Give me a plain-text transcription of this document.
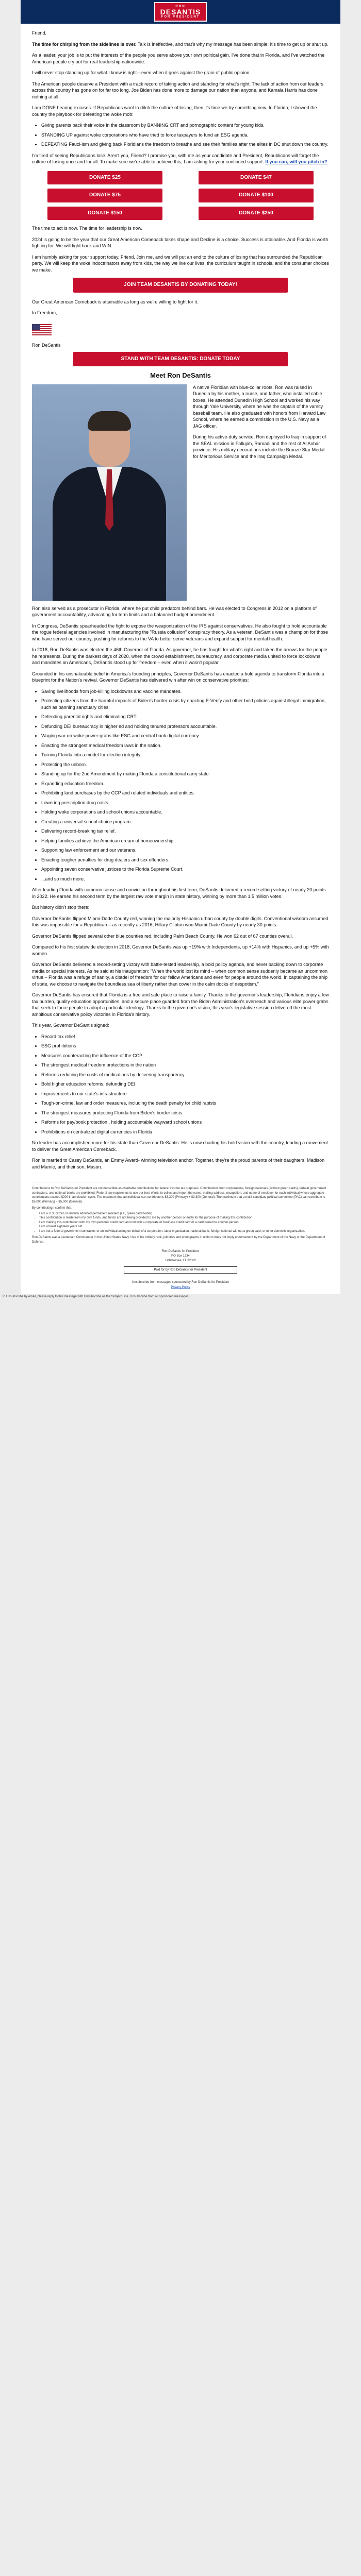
RON
DESANTIS
FOR PRESIDENT

Friend,

The time for chirping from the sidelines is over. Talk is ineffective, and that's why my message has been simple: It's time to get up or shut up.

As a leader, your job is to put the interests of the people you serve above your own political gain. I've done that in Florida, and I've watched the American people cry out for real leadership nationwide.

I will never stop standing up for what I know is right—even when it goes against the grain of public opinion.

The American people deserve a President with a track record of taking action and standing for what's right. The lack of action from our leaders across this country has gone on for far too long. Joe Biden has done more to damage our nation than anyone, and Kamala Harris has done nothing at all.

I am DONE hearing excuses. If Republicans want to ditch the culture of losing, then it's time we try something new. In Florida, I showed the country the playbook for defeating the woke mob:

• Giving parents back their voice in the classroom by BANNING CRT and pornographic content for young kids.
• STANDING UP against woke corporations who have tried to force taxpayers to fund an ESG agenda.
• DEFEATING Fauci-ism and giving back Floridians the freedom to breathe and see their families after the elites in DC shut down the country.

I'm tired of seeing Republicans lose. Aren't you, Friend? I promise you, with me as your candidate and President, Republicans will forget the culture of losing once and for all. To make sure we're able to achieve this, I am asking for your continued support. If you can, will you pitch in?

DONATE $25	DONATE $47
DONATE $75	DONATE $100
DONATE $150	DONATE $250

The time to act is now. The time for leadership is now.

2024 is going to be the year that our Great American Comeback takes shape and Decline is a choice. Success is attainable. And Florida is worth fighting for. We will fight back and WIN.

I am humbly asking for your support today. Friend, Join me, and we will put an end to the culture of losing that has surrounded the Republican party. We will keep the woke indoctrinators away from kids, the way we live our lives, the curriculum taught in schools, and the consumer choices we make.

JOIN TEAM DESANTIS BY DONATING TODAY!

Our Great American Comeback is attainable as long as we're willing to fight for it.

In Freedom,

Ron DeSantis
STAND WITH TEAM DESANTIS: DONATE TODAY
Meet Ron DeSantis

A native Floridian with blue-collar roots, Ron was raised in Dunedin by his mother, a nurse, and father, who installed cable boxes. He attended Dunedin High School and worked his way through Yale University, where he was the captain of the varsity baseball team. He also graduated with honors from Harvard Law School, where he earned a commission in the U.S. Navy as a JAG officer.

During his active-duty service, Ron deployed to Iraq in support of the SEAL mission in Fallujah, Ramadi and the rest of Al Anbar province. His military decorations include the Bronze Star Medal for Meritorious Service and the Iraq Campaign Medal.

Ron also served as a prosecutor in Florida, where he put child predators behind bars. He was elected to Congress in 2012 on a platform of government accountability, advocating for term limits and a balanced budget amendment.

In Congress, DeSantis spearheaded the fight to expose the weaponization of the IRS against conservatives. He also fought to hold accountable the rogue federal agencies involved in manufacturing the "Russia collusion" conspiracy theory. As a veteran, DeSantis was a champion for those who have served our country, pushing for reforms to the VA to better serve veterans and expand support for mental health.

In 2018, Ron DeSantis was elected the 46th Governor of Florida. As governor, he has fought for what's right and taken the arrows for the people he represents. During the darkest days of 2020, when the crowd establishment, bureaucracy, and corporate media united to force lockdowns and mandates on Americans, DeSantis stood up for freedom – even when it wasn't popular.

Grounded in his unshakeable belief in America's founding principles, Governor DeSantis has enacted a bold agenda to transform Florida into a blueprint for the Nation's revival. Governor DeSantis has delivered win after win on conservative priorities:

• Saving livelihoods from job-killing lockdowns and vaccine mandates.
• Protecting citizens from the harmful impacts of Biden's border crisis by enacting E-Verify and other bold policies against illegal immigration, such as banning sanctuary cities.
• Defending parental rights and eliminating CRT.
• Defunding DEI bureaucracy in higher ed and holding tenured professors accountable.
• Waging war on woke power-grabs like ESG and central bank digital currency.
• Enacting the strongest medical freedom laws in the nation.
• Turning Florida into a model for election integrity.
• Protecting the unborn.
• Standing up for the 2nd Amendment by making Florida a constitutional carry state.
• Expanding education freedom.
• Prohibiting land purchases by the CCP and related individuals and entities.
• Lowering prescription drug costs.
• Holding woke corporations and school unions accountable.
• Creating a universal school choice program.
• Delivering record-breaking tax relief.
• Helping families achieve the American dream of homeownership.
• Supporting law enforcement and our veterans.
• Enacting tougher penalties for drug dealers and sex offenders.
• Appointing seven conservative justices to the Florida Supreme Court.
• ...and so much more.

After leading Florida with common sense and conviction throughout his first term, DeSantis delivered a record-setting victory of nearly 20 points in 2022. He earned his second term by the largest raw vote margin in state history, winning by more than 1.5 million votes.

But history didn't stop there:

Governor DeSantis flipped Miami-Dade County red, winning the majority-Hispanic urban county by double digits. Conventional wisdom assumed this was impossible for a Republican – as recently as 2016, Hillary Clinton won Miami-Dade County by nearly 30 points.

Governor DeSantis flipped several other blue counties red, including Palm Beach County. He won 62 out of 67 counties overall.

Compared to his first statewide election in 2018, Governor DeSantis was up +19% with Independents, up +14% with Hispanics, and up +5% with women.

Governor DeSantis delivered a record-setting victory with battle-tested leadership, a bold policy agenda, and never backing down to corporate media or special interests. As he said at his inauguration: "When the world lost its mind – when common sense suddenly became an uncommon virtue – Florida was a refuge of sanity, a citadel of freedom for our fellow Americans and even for people around the world. In captaining the ship of state, we choose to navigate the boundless sea of liberty rather than cower in the calm docks of despotism."

Governor DeSantis has ensured that Florida is a free and safe place to raise a family. Thanks to the governor's leadership, Floridians enjoy a low tax burden, quality education opportunities, and a secure place guarded from the Biden Administration's overreach and various elite power grabs that seek to force people to adopt a particular ideology. Thanks to the governor's vision, this year's legislative session delivered the most ambitious conservative policy victories in Florida's history.

This year, Governor DeSantis signed:

• Record tax relief
• ESG prohibitions
• Measures counteracting the influence of the CCP
• The strongest medical freedom protections in the nation
• Reforms reducing the costs of medications by delivering transparency
• Bold higher education reforms, defunding DEI
• Improvements to our state's infrastructure
• Tough-on-crime, law and order measures, including the death penalty for child rapists
• The strongest measures protecting Florida from Biden's border crisis
• Reforms for pay/book protection , holding accountable wayward school unions
• Prohibitions on centralized digital currencies in Florida

No leader has accomplished more for his state than Governor DeSantis. He is now charting his bold vision with the country, leading a movement to deliver the Great American Comeback.

Ron is married to Casey DeSantis, an Emmy Award- winning television anchor. Together, they're the proud parents of their daughters, Madison and Mamie, and their son, Mason.

Contributions to Ron DeSantis for President are not deductible as charitable contributions for federal income tax purposes. Contributions from corporations, foreign nationals (without green cards), federal government contractors, and national banks are prohibited. Federal law requires us to use our best efforts to collect and report the name, mailing address, occupation, and name of employer for each individual whose aggregate contributions exceed $200 in an election cycle. The maximum that an individual can contribute is $3,300 (Primary) + $3,300 (General). The maximum that a multi-candidate political committee (PAC) can contribute is $5,000 (Primary) + $5,000 (General).

By contributing I confirm that:

• I am a U.S. citizen or lawfully admitted permanent resident (i.e., green card holder).
• This contribution is made from my own funds, and funds are not being provided to me by another person or entity for the purpose of making this contribution.
• I am making this contribution with my own personal credit card and not with a corporate or business credit card or a card issued to another person.
• I am at least eighteen years old.
• I am not a federal government contractor, or an individual acting on behalf of a corporation, labor organization, national bank, foreign national without a green card, or other domestic organization.

Ron DeSantis was a Lieutenant Commander in the United States Navy. Use of his military rank, job titles and photographs in uniform does not imply endorsement by the Department of the Navy or the Department of Defense.

Ron DeSantis for President
PO Box 1234
Tallahassee, FL 32302
Paid for by Ron DeSantis for President
Unsubscribe from messages sponsored by Ron DeSantis for President
Privacy Policy
To Unsubscribe by email, please reply to this message with Unsubscribe as the Subject Line. Unsubscribe from all sponsored messages
